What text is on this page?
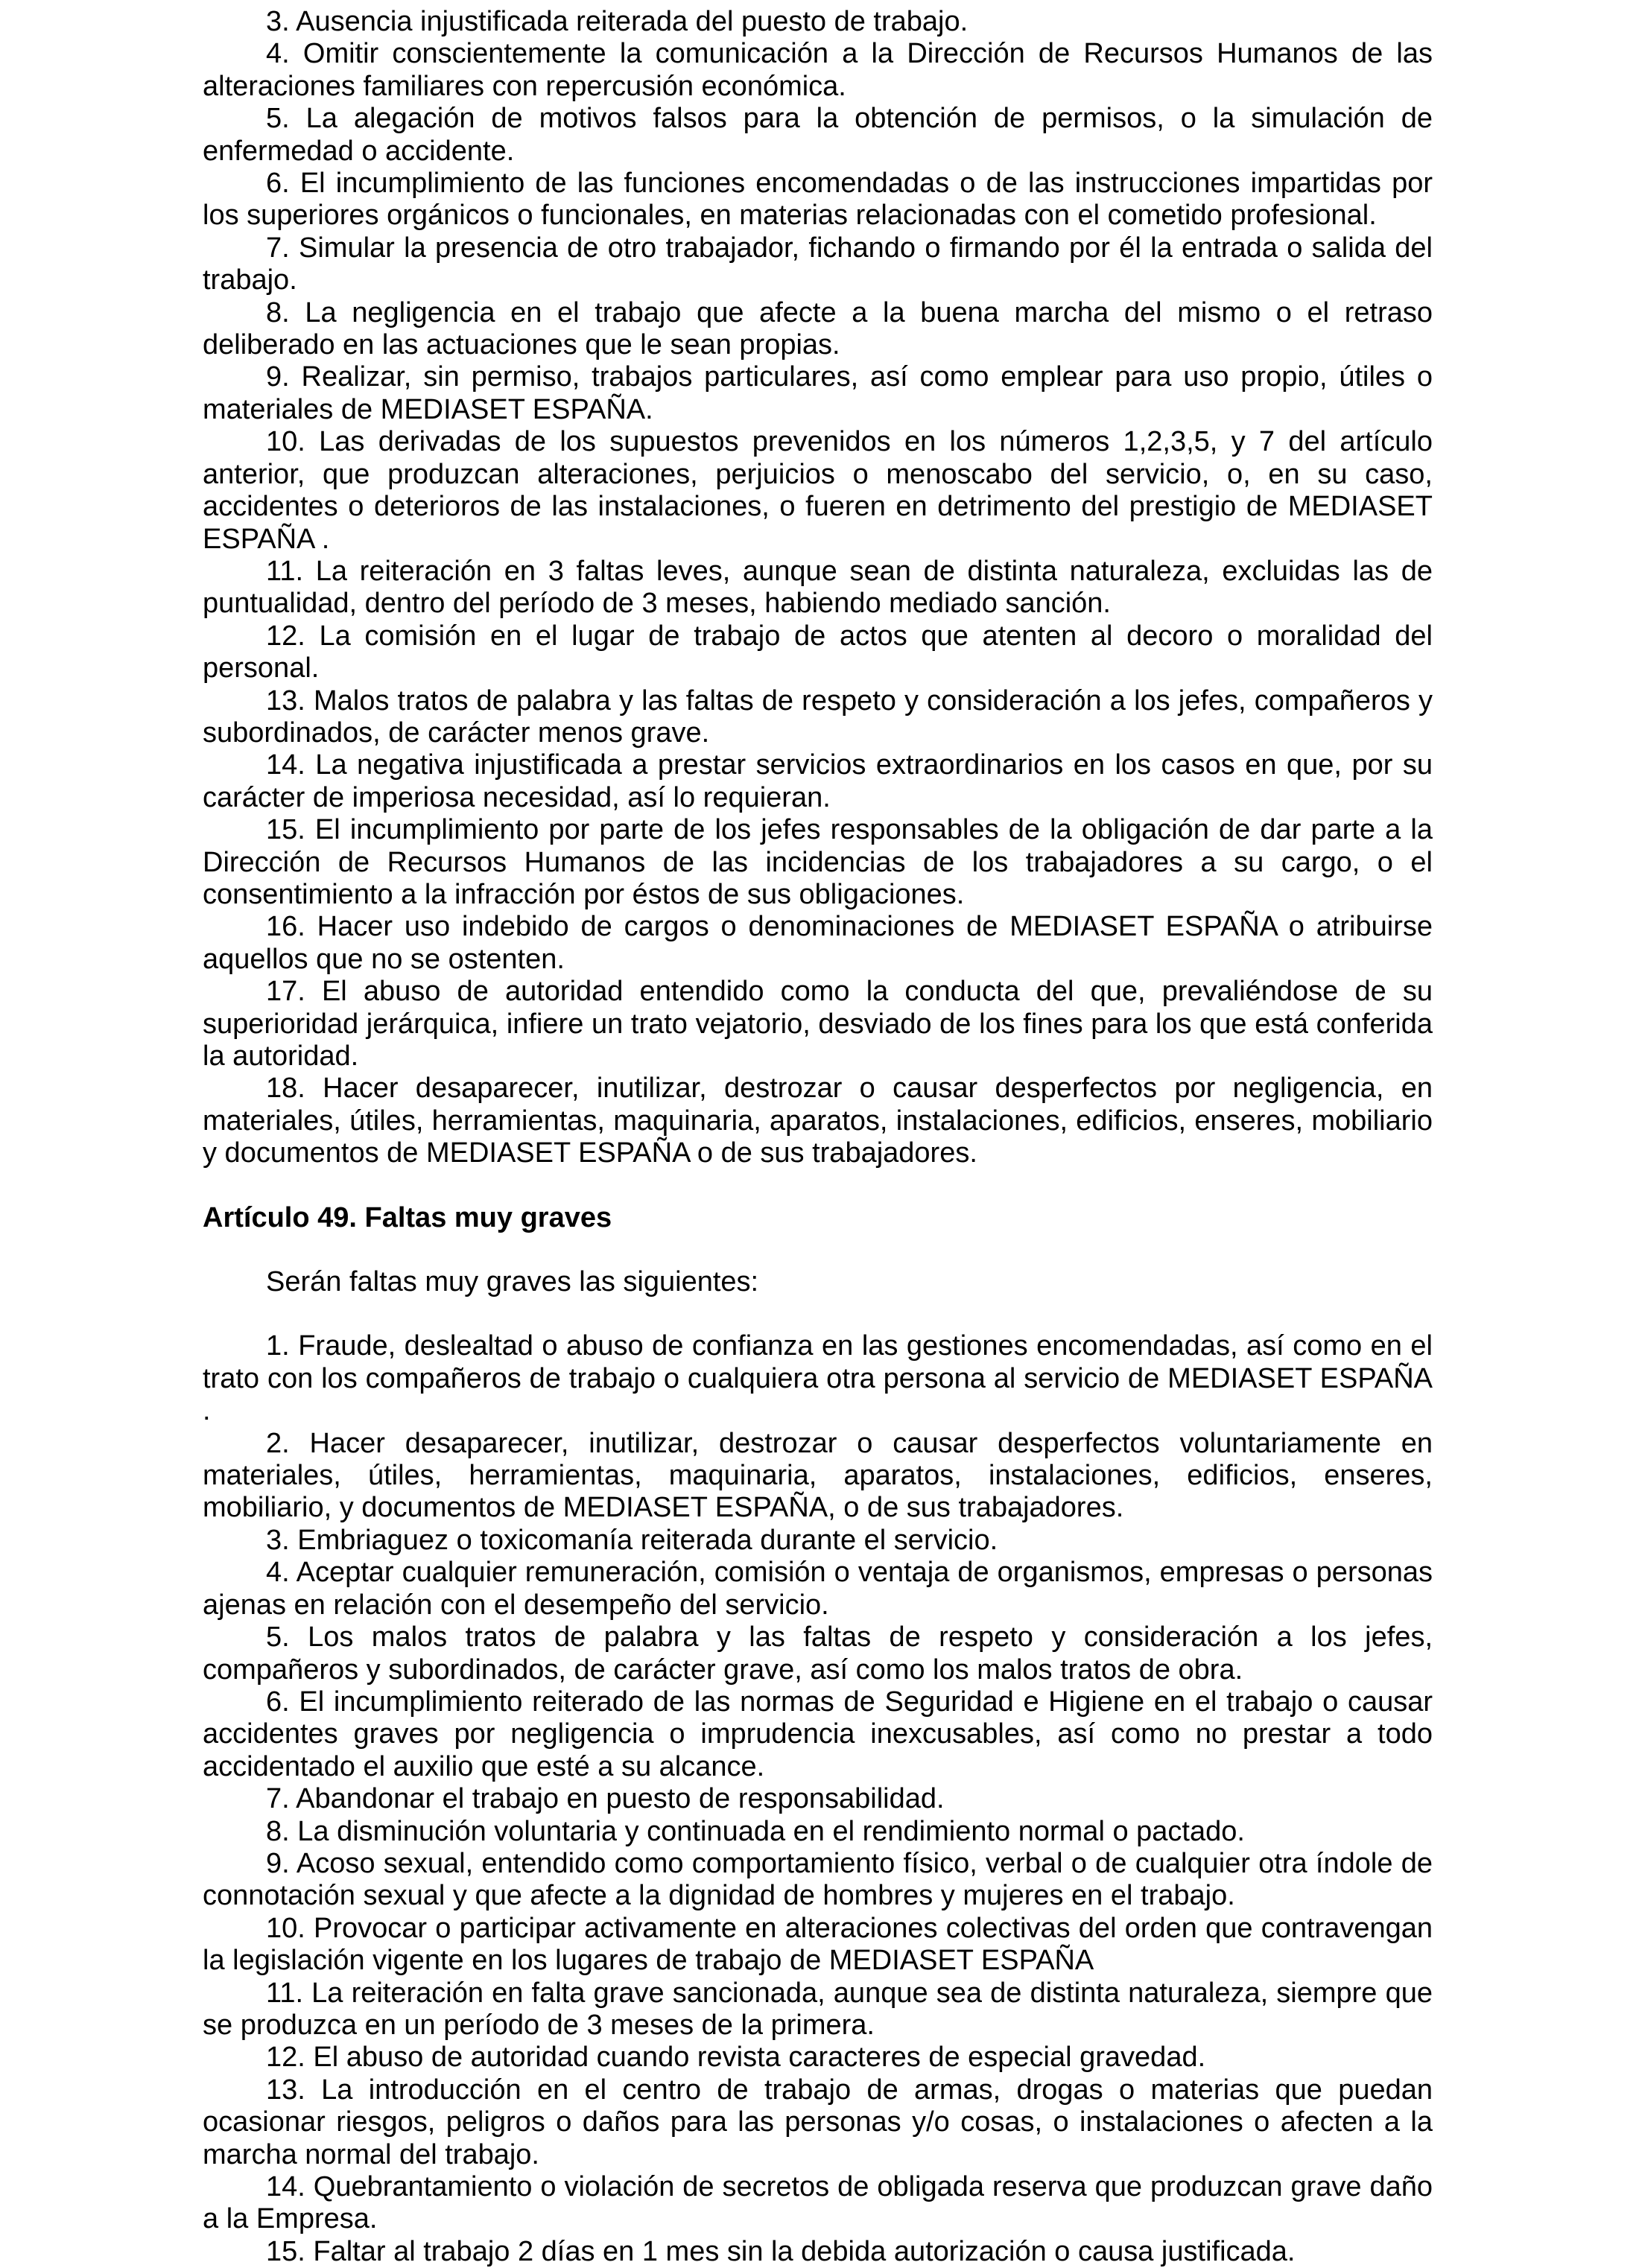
3. Ausencia injustificada reiterada del puesto de trabajo.

4. Omitir conscientemente la comunicación a la Dirección de Recursos Humanos de las alteraciones familiares con repercusión económica.

5. La alegación de motivos falsos para la obtención de permisos, o la simulación de enfermedad o accidente.

6. El incumplimiento de las funciones encomendadas o de las instrucciones impartidas por los superiores orgánicos o funcionales, en materias relacionadas con el cometido profesional.

7. Simular la presencia de otro trabajador, fichando o firmando por él la entrada o salida del trabajo.

8. La negligencia en el trabajo que afecte a la buena marcha del mismo o el retraso deliberado en las actuaciones que le sean propias.

9. Realizar, sin permiso, trabajos particulares, así como emplear para uso propio, útiles o materiales de MEDIASET ESPAÑA.

10. Las derivadas de los supuestos prevenidos en los números 1,2,3,5, y 7 del artículo anterior, que produzcan alteraciones, perjuicios o menoscabo del servicio, o, en su caso, accidentes o deterioros de las instalaciones, o fueren en detrimento del prestigio de MEDIASET ESPAÑA .

11. La reiteración en 3 faltas leves, aunque sean de distinta naturaleza, excluidas las de puntualidad, dentro del período de 3 meses, habiendo mediado sanción.

12. La comisión en el lugar de trabajo de actos que atenten al decoro o moralidad del personal.

13. Malos tratos de palabra y las faltas de respeto y consideración a los jefes, compañeros y subordinados, de carácter menos grave.

14. La negativa injustificada a prestar servicios extraordinarios en los casos en que, por su carácter de imperiosa necesidad, así lo requieran.

15. El incumplimiento por parte de los jefes responsables de la obligación de dar parte a la Dirección de Recursos Humanos de las incidencias de los trabajadores a su cargo, o el consentimiento a la infracción por éstos de sus obligaciones.

16. Hacer uso indebido de cargos o denominaciones de MEDIASET ESPAÑA o atribuirse aquellos que no se ostenten.

17. El abuso de autoridad entendido como la conducta del que, prevaliéndose de su superioridad jerárquica, infiere un trato vejatorio, desviado de los fines para los que está conferida la autoridad.

18. Hacer desaparecer, inutilizar, destrozar o causar desperfectos por negligencia, en materiales, útiles, herramientas, maquinaria, aparatos, instalaciones, edificios, enseres, mobiliario y documentos de MEDIASET ESPAÑA o de sus trabajadores.

Artículo 49. Faltas muy graves

Serán faltas muy graves las siguientes:

1. Fraude, deslealtad o abuso de confianza en las gestiones encomendadas, así como en el trato con los compañeros de trabajo o cualquiera otra persona al servicio de MEDIASET ESPAÑA .

2. Hacer desaparecer, inutilizar, destrozar o causar desperfectos voluntariamente en materiales, útiles, herramientas, maquinaria, aparatos, instalaciones, edificios, enseres, mobiliario, y documentos de MEDIASET ESPAÑA, o de sus trabajadores.

3. Embriaguez o toxicomanía reiterada durante el servicio.

4. Aceptar cualquier remuneración, comisión o ventaja de organismos, empresas o personas ajenas en relación con el desempeño del servicio.

5. Los malos tratos de palabra y las faltas de respeto y consideración a los jefes, compañeros y subordinados, de carácter grave, así como los malos tratos de obra.

6. El incumplimiento reiterado de las normas de Seguridad e Higiene en el trabajo o causar accidentes graves por negligencia o imprudencia inexcusables, así como no prestar a todo accidentado el auxilio que esté a su alcance.

7. Abandonar el trabajo en puesto de responsabilidad.

8. La disminución voluntaria y continuada en el rendimiento normal o pactado.

9. Acoso sexual, entendido como comportamiento físico, verbal o de cualquier otra índole de connotación sexual y que afecte a la dignidad de hombres y mujeres en el trabajo.

10. Provocar o participar activamente en alteraciones colectivas del orden que contravengan la legislación vigente en los lugares de trabajo de MEDIASET ESPAÑA

11. La reiteración en falta grave sancionada, aunque sea de distinta naturaleza, siempre que se produzca en un período de 3 meses de la primera.

12. El abuso de autoridad cuando revista caracteres de especial gravedad.

13. La introducción en el centro de trabajo de armas, drogas o materias que puedan ocasionar riesgos, peligros o daños para las personas y/o cosas, o instalaciones o afecten a la marcha normal del trabajo.

14. Quebrantamiento o violación de secretos de obligada reserva que produzcan grave daño a la Empresa.

15. Faltar al trabajo 2 días en 1 mes sin la debida autorización o causa justificada.
